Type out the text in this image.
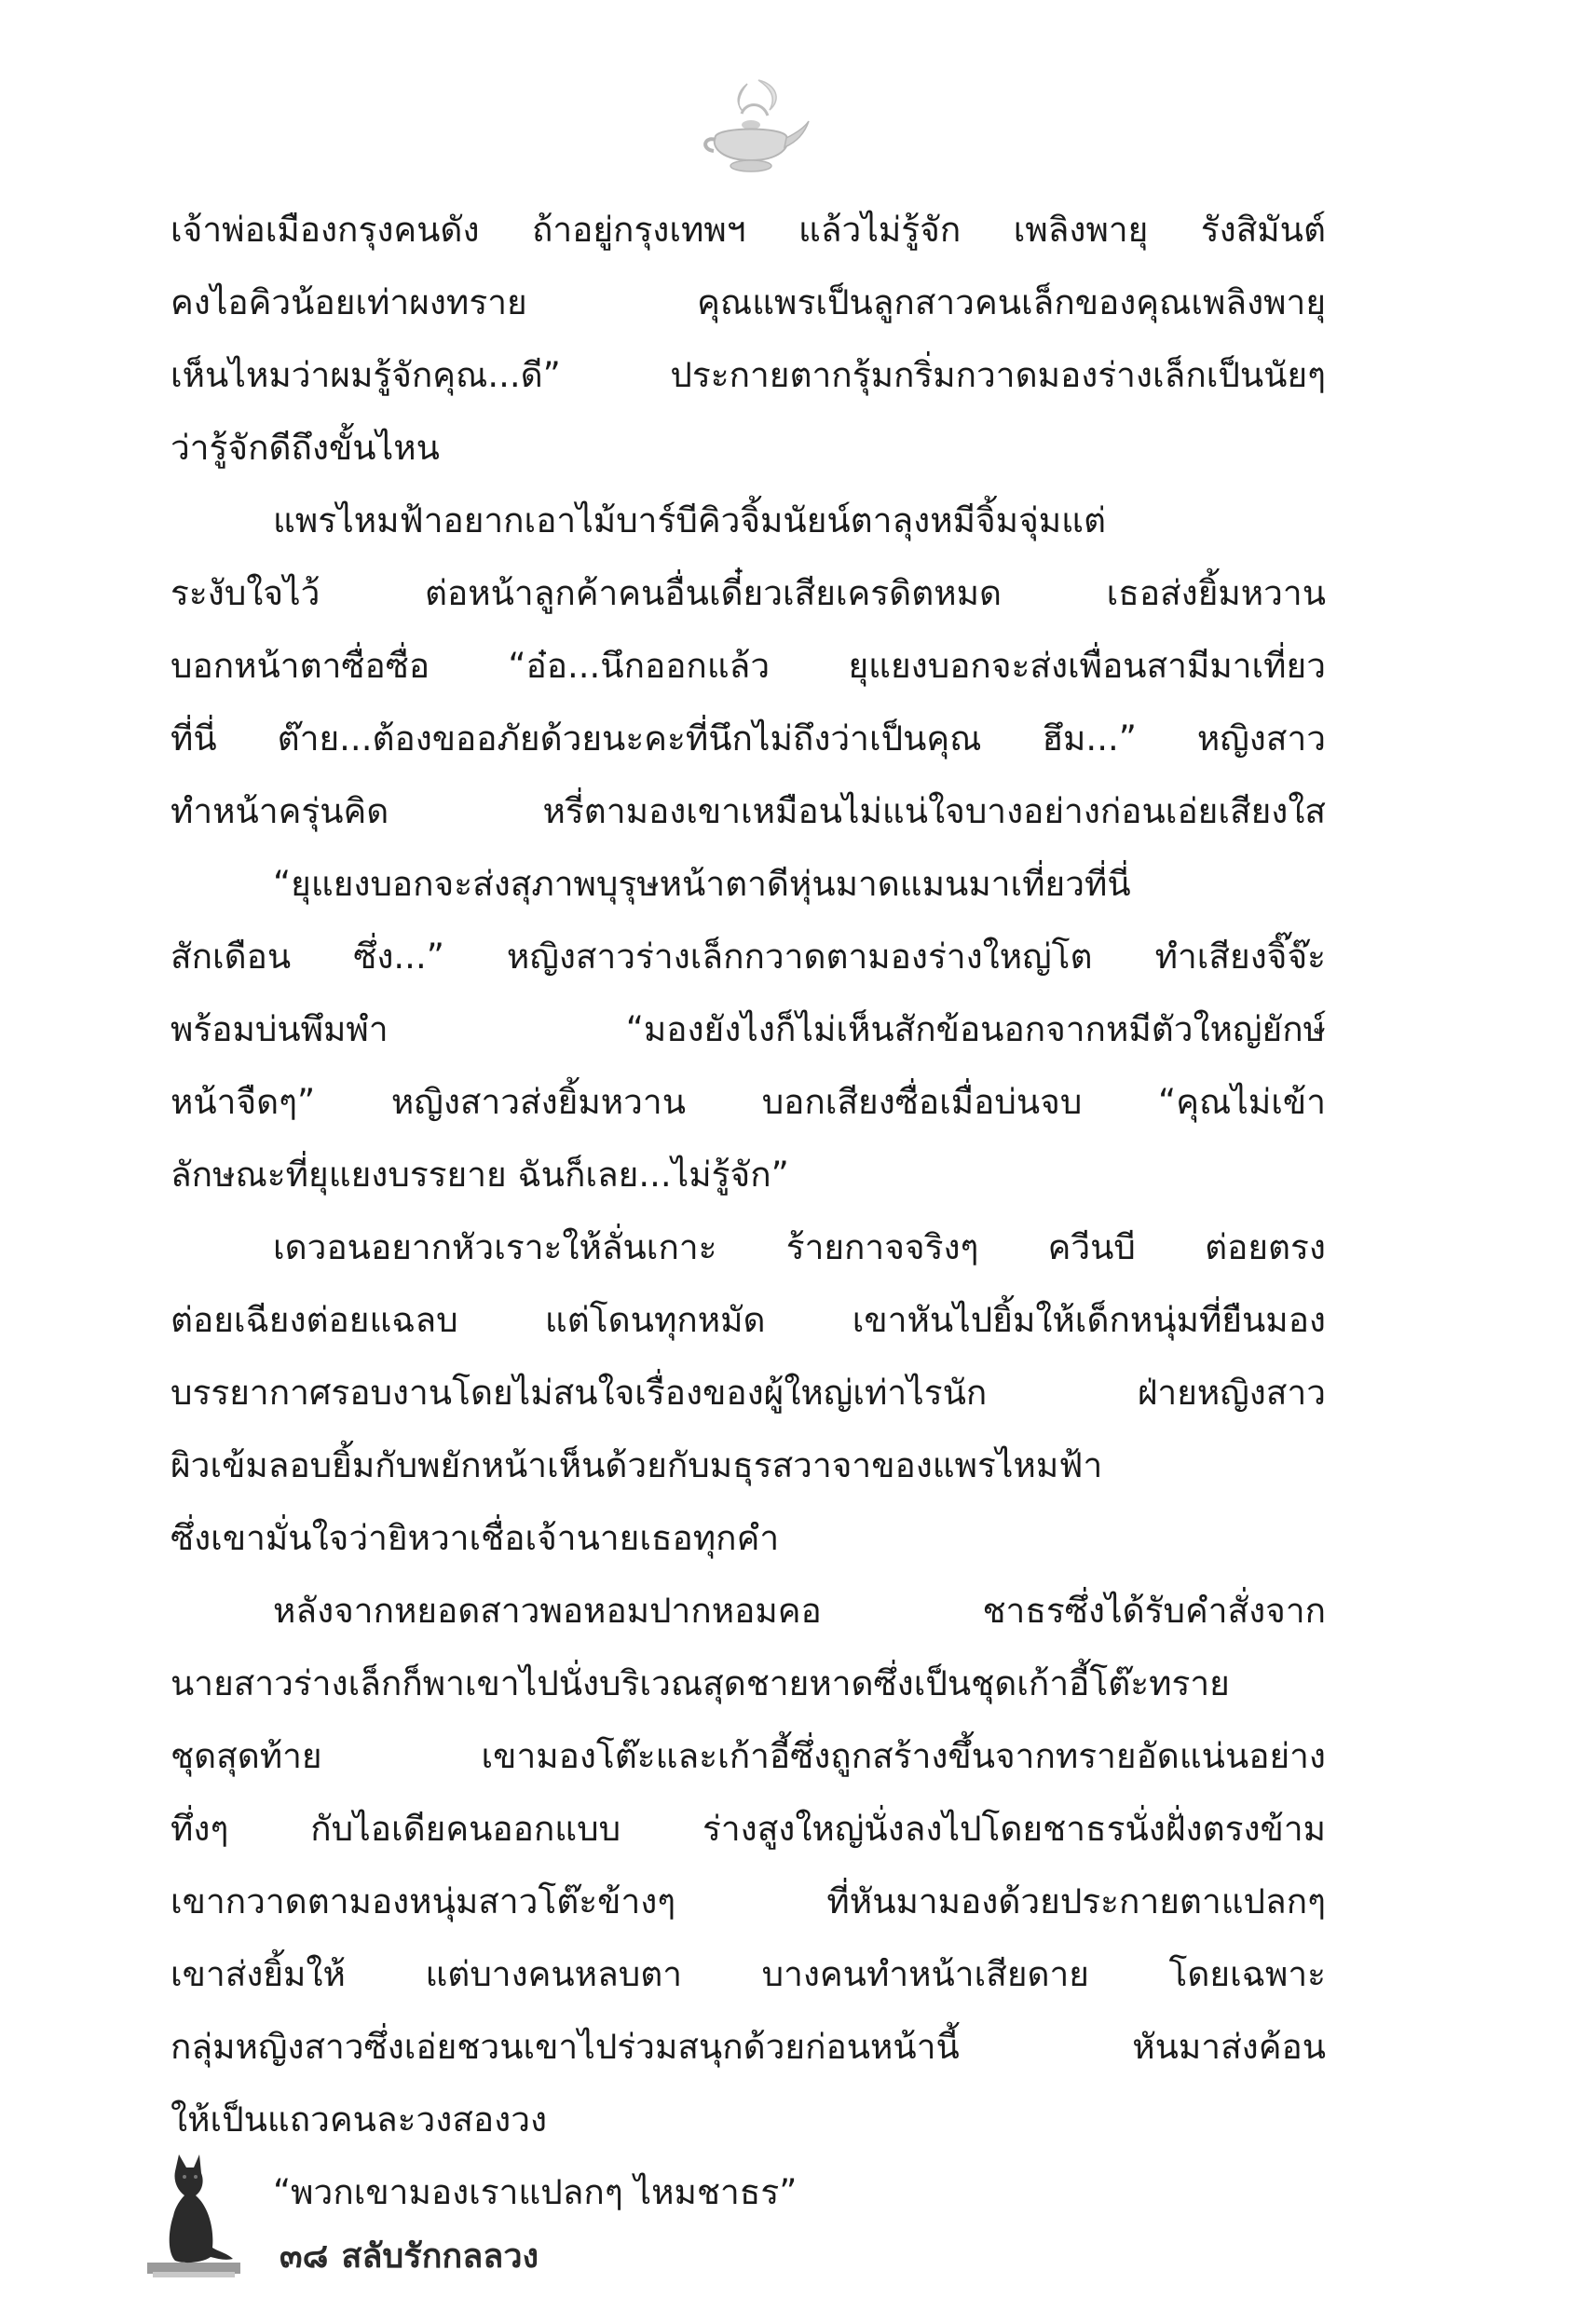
เจ้าพ่อเมืองกรุงคนดัง ถ้าอยู่กรุงเทพฯ แล้วไม่รู้จัก เพลิงพายุ รังสิมันต์
คงไอคิวน้อยเท่าผงทราย คุณแพรเป็นลูกสาวคนเล็กของคุณเพลิงพายุ
เห็นไหมว่าผมรู้จักคุณ...ดี” ประกายตากรุ้มกริ่มกวาดมองร่างเล็กเป็นนัยๆ
ว่ารู้จักดีถึงขั้นไหน
แพรไหมฟ้าอยากเอาไม้บาร์บีคิวจิ้มนัยน์ตาลุงหมีจิ้มจุ่มแต่
ระงับใจไว้ ต่อหน้าลูกค้าคนอื่นเดี๋ยวเสียเครดิตหมด เธอส่งยิ้มหวาน
บอกหน้าตาซื่อซื่อ “อ๋อ...นึกออกแล้ว ยุแยงบอกจะส่งเพื่อนสามีมาเที่ยว
ที่นี่ ต๊าย...ต้องขออภัยด้วยนะคะที่นึกไม่ถึงว่าเป็นคุณ ฮึม...” หญิงสาว
ทำหน้าครุ่นคิด หรี่ตามองเขาเหมือนไม่แน่ใจบางอย่างก่อนเอ่ยเสียงใส
“ยุแยงบอกจะส่งสุภาพบุรุษหน้าตาดีหุ่นมาดแมนมาเที่ยวที่นี่
สักเดือน ซึ่ง...” หญิงสาวร่างเล็กกวาดตามองร่างใหญ่โต ทำเสียงจิ๊จ๊ะ
พร้อมบ่นพึมพำ “มองยังไงก็ไม่เห็นสักข้อนอกจากหมีตัวใหญ่ยักษ์
หน้าจืดๆ” หญิงสาวส่งยิ้มหวาน บอกเสียงซื่อเมื่อบ่นจบ “คุณไม่เข้า
ลักษณะที่ยุแยงบรรยาย ฉันก็เลย...ไม่รู้จัก”
เดวอนอยากหัวเราะให้ลั่นเกาะ ร้ายกาจจริงๆ ควีนบี ต่อยตรง
ต่อยเฉียงต่อยแฉลบ แต่โดนทุกหมัด เขาหันไปยิ้มให้เด็กหนุ่มที่ยืนมอง
บรรยากาศรอบงานโดยไม่สนใจเรื่องของผู้ใหญ่เท่าไรนัก ฝ่ายหญิงสาว
ผิวเข้มลอบยิ้มกับพยักหน้าเห็นด้วยกับมธุรสวาจาของแพรไหมฟ้า
ซึ่งเขามั่นใจว่ายิหวาเชื่อเจ้านายเธอทุกคำ
หลังจากหยอดสาวพอหอมปากหอมคอ ชาธรซึ่งได้รับคำสั่งจาก
นายสาวร่างเล็กก็พาเขาไปนั่งบริเวณสุดชายหาดซึ่งเป็นชุดเก้าอี้โต๊ะทราย
ชุดสุดท้าย เขามองโต๊ะและเก้าอี้ซึ่งถูกสร้างขึ้นจากทรายอัดแน่นอย่าง
ทึ่งๆ กับไอเดียคนออกแบบ ร่างสูงใหญ่นั่งลงไปโดยชาธรนั่งฝั่งตรงข้าม
เขากวาดตามองหนุ่มสาวโต๊ะข้างๆ ที่หันมามองด้วยประกายตาแปลกๆ
เขาส่งยิ้มให้ แต่บางคนหลบตา บางคนทำหน้าเสียดาย โดยเฉพาะ
กลุ่มหญิงสาวซึ่งเอ่ยชวนเขาไปร่วมสนุกด้วยก่อนหน้านี้ หันมาส่งค้อน
ให้เป็นแถวคนละวงสองวง
“พวกเขามองเราแปลกๆ ไหมชาธร”
๓๘ สลับรักกลลวง
